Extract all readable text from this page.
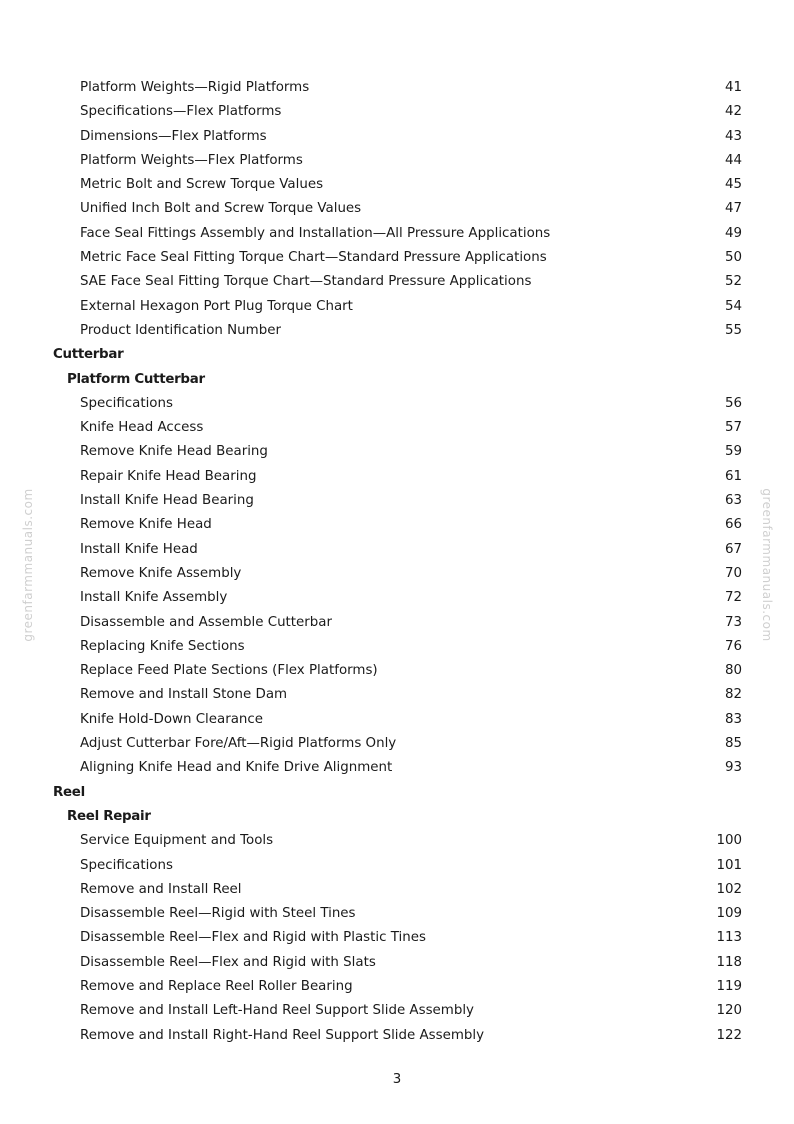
greenfarmmanuals.com	greenfarmmanuals.com
Platform Weights—Rigid Platforms	41
Specifications—Flex Platforms	42
Dimensions—Flex Platforms	43
Platform Weights—Flex Platforms	44
Metric Bolt and Screw Torque Values	45
Unified Inch Bolt and Screw Torque Values	47
Face Seal Fittings Assembly and Installation—All Pressure Applications	49
Metric Face Seal Fitting Torque Chart—Standard Pressure Applications	50
SAE Face Seal Fitting Torque Chart—Standard Pressure Applications	52
External Hexagon Port Plug Torque Chart	54
Product Identification Number	55
Cutterbar
Platform Cutterbar
Specifications	56
Knife Head Access	57
Remove Knife Head Bearing	59
Repair Knife Head Bearing	61
Install Knife Head Bearing	63
Remove Knife Head	66
Install Knife Head	67
Remove Knife Assembly	70
Install Knife Assembly	72
Disassemble and Assemble Cutterbar	73
Replacing Knife Sections	76
Replace Feed Plate Sections (Flex Platforms)	80
Remove and Install Stone Dam	82
Knife Hold-Down Clearance	83
Adjust Cutterbar Fore/Aft—Rigid Platforms Only	85
Aligning Knife Head and Knife Drive Alignment	93
Reel
Reel Repair
Service Equipment and Tools	100
Specifications	101
Remove and Install Reel	102
Disassemble Reel—Rigid with Steel Tines	109
Disassemble Reel—Flex and Rigid with Plastic Tines	113
Disassemble Reel—Flex and Rigid with Slats	118
Remove and Replace Reel Roller Bearing	119
Remove and Install Left-Hand Reel Support Slide Assembly	120
Remove and Install Right-Hand Reel Support Slide Assembly	122
3
